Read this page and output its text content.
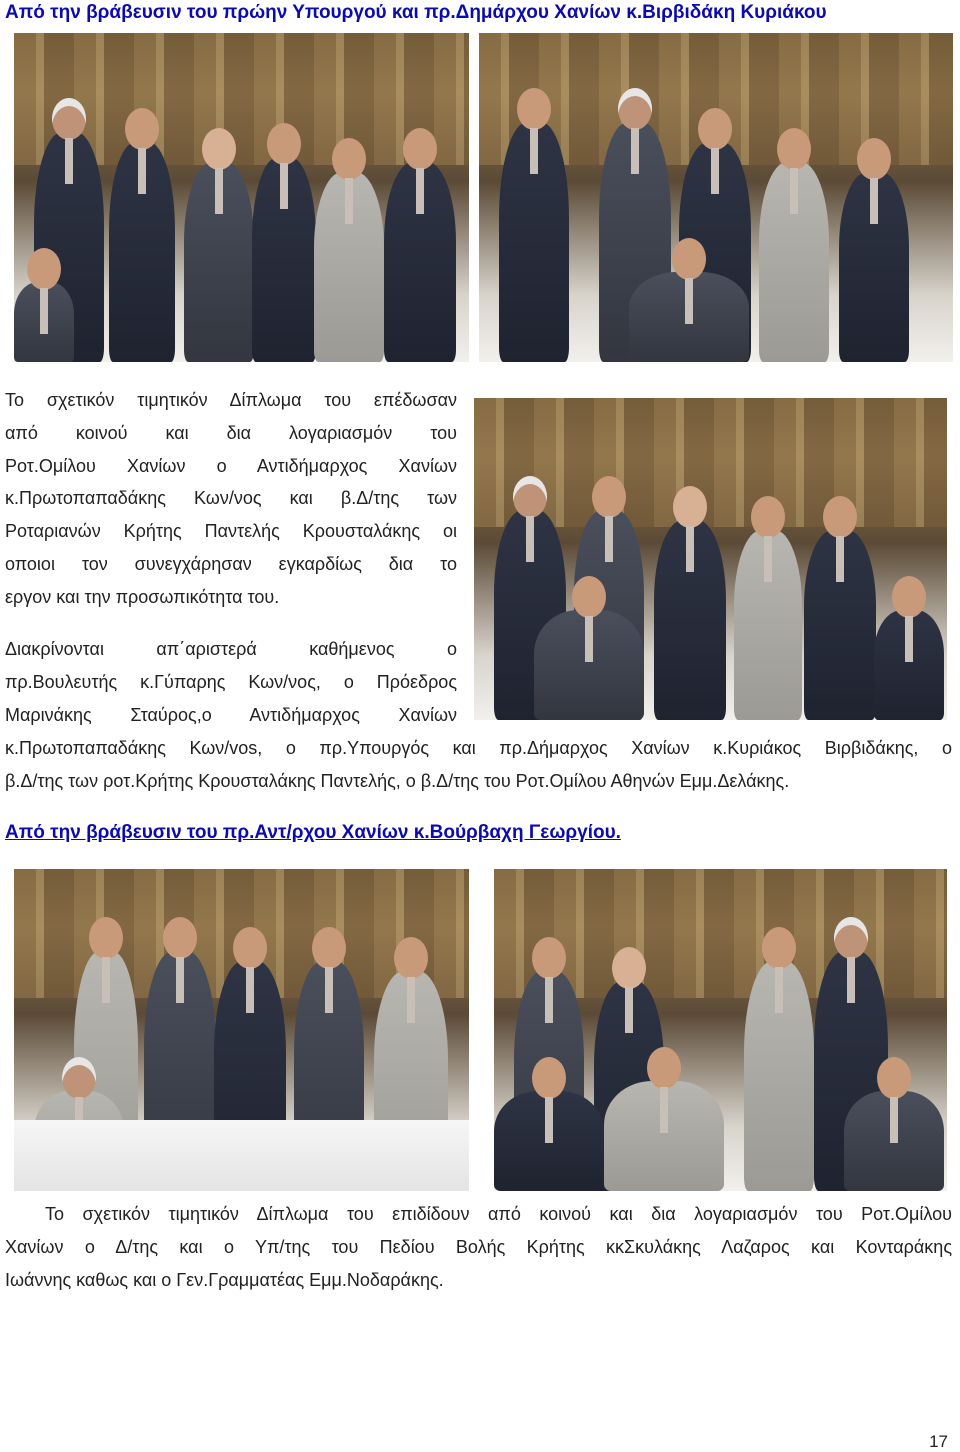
Από την βράβευσιν του πρώην Υπουργού και πρ.Δημάρχου Χανίων κ.Βιρβιδάκη Κυριάκου
Το σχετικόν τιμητικόν Δίπλωμα του επέδωσαν
από κοινού και δια λογαριασμόν του
Ροτ.Ομίλου Χανίων ο Αντιδήμαρχος Χανίων
κ.Πρωτοπαπαδάκης Κων/νος και β.Δ/της των
Ροταριανών Κρήτης Παντελής Κρουσταλάκης οι
οποιοι τον συνεγχάρησαν εγκαρδίως δια το
εργον και την προσωπικότητα του.
Διακρίνονται απ΄αριστερά καθήμενος ο
πρ.Βουλευτής κ.Γύπαρης Κων/νος, ο Πρόεδρος
Μαρινάκης Σταύρος,ο Αντιδήμαρχος Χανίων
κ.Πρωτοπαπαδάκης Κων/vos, ο πρ.Υπουργός και πρ.Δήμαρχος Χανίων κ.Κυριάκος Βιρβιδάκης, ο
β.Δ/της των ροτ.Κρήτης Κρουσταλάκης Παντελής, ο β.Δ/της του Ροτ.Ομίλου Αθηνών Εμμ.Δελάκης.
Από την βράβευσιν του πρ.Αντ/ρχου Χανίων κ.Βούρβαχη Γεωργίου.
Το σχετικόν τιμητικόν Δίπλωμα του επιδίδουν από κοινού και δια λογαριασμόν του Ροτ.Ομίλου
Χανίων ο Δ/της και ο Υπ/της του Πεδίου Βολής Κρήτης κκΣκυλάκης Λαζαρος και Κονταράκης
Ιωάννης καθως και ο Γεν.Γραμματέας Εμμ.Νοδαράκης.
17
